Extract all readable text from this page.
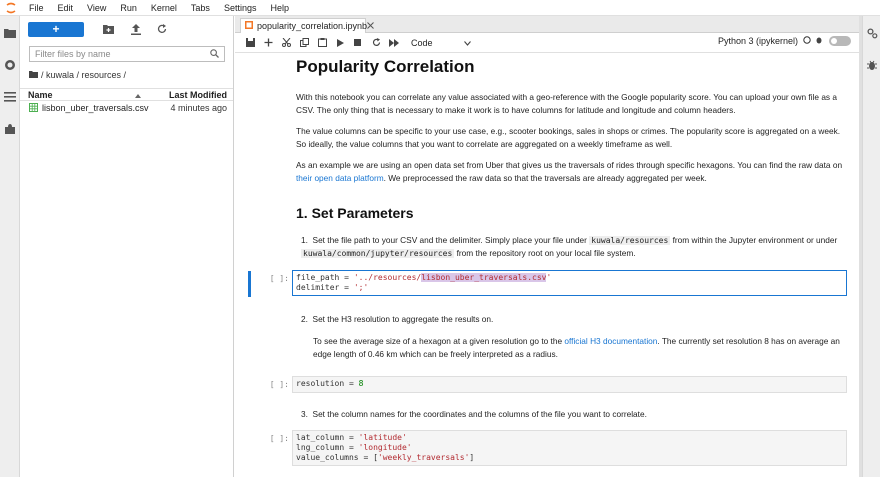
File	Edit	View	Run	Kernel	Tabs	Settings	Help
+
Filter files by name
/ kuwala / resources /
Name	Last Modified
lisbon_uber_traversals.csv	4 minutes ago
popularity_correlation.ipynb
Code	Python 3 (ipykernel)
Popularity Correlation
With this notebook you can correlate any value associated with a geo-reference with the Google popularity score. You can upload your own file as a CSV. The only thing that is necessary to make it work is to have columns for latitude and longitude and column headers.
The value columns can be specific to your use case, e.g., scooter bookings, sales in shops or crimes. The popularity score is aggregated on a week. So ideally, the value columns that you want to correlate are aggregated on a weekly timeframe as well.
As an example we are using an open data set from Uber that gives us the traversals of rides through specific hexagons. You can find the raw data on their open data platform. We preprocessed the raw data so that the traversals are already aggregated per week.
1. Set Parameters
1.  Set the file path to your CSV and the delimiter. Simply place your file under kuwala/resources from within the Jupyter environment or under kuwala/common/jupyter/resources from the repository root on your local file system.
[ ]: file_path = '../resources/lisbon_uber_traversals.csv'
delimiter = ';'
2.  Set the H3 resolution to aggregate the results on.
To see the average size of a hexagon at a given resolution go to the official H3 documentation. The currently set resolution 8 has on average an edge length of 0.46 km which can be freely interpreted as a radius.
[ ]: resolution = 8
3.  Set the column names for the coordinates and the columns of the file you want to correlate.
[ ]: lat_column = 'latitude'
lng_column = 'longitude'
value_columns = ['weekly_traversals']
